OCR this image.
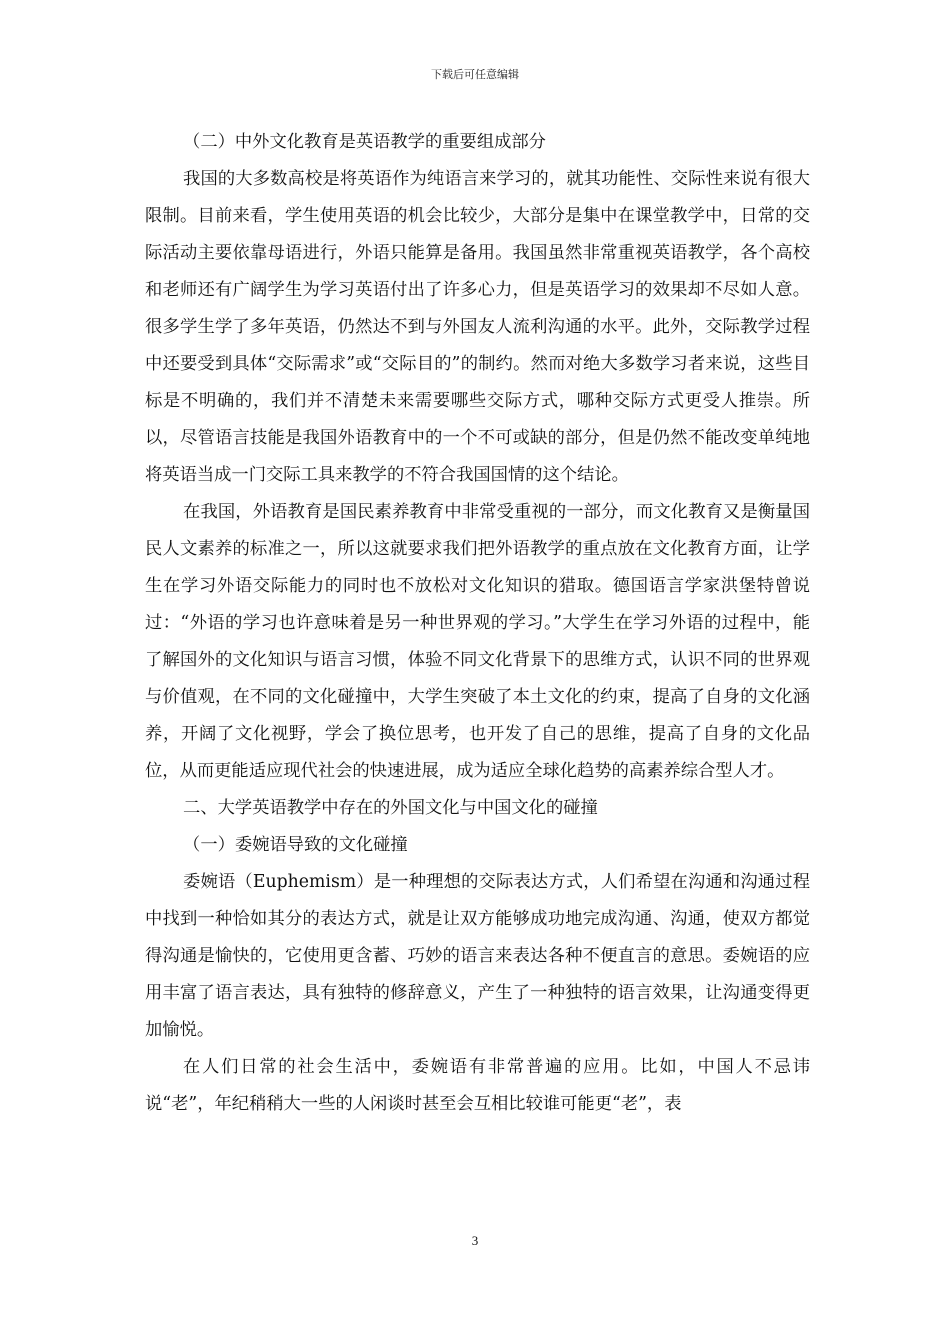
下载后可任意编辑

（二）中外文化教育是英语教学的重要组成部分

我国的大多数高校是将英语作为纯语言来学习的，就其功能性、交际性来说有很大限制。目前来看，学生使用英语的机会比较少，大部分是集中在课堂教学中，日常的交际活动主要依靠母语进行，外语只能算是备用。我国虽然非常重视英语教学，各个高校和老师还有广阔学生为学习英语付出了许多心力，但是英语学习的效果却不尽如人意。很多学生学了多年英语，仍然达不到与外国友人流利沟通的水平。此外，交际教学过程中还要受到具体“交际需求”或“交际目的”的制约。然而对绝大多数学习者来说，这些目标是不明确的，我们并不清楚未来需要哪些交际方式，哪种交际方式更受人推崇。所以，尽管语言技能是我国外语教育中的一个不可或缺的部分，但是仍然不能改变单纯地将英语当成一门交际工具来教学的不符合我国国情的这个结论。

在我国，外语教育是国民素养教育中非常受重视的一部分，而文化教育又是衡量国民人文素养的标准之一，所以这就要求我们把外语教学的重点放在文化教育方面，让学生在学习外语交际能力的同时也不放松对文化知识的猎取。德国语言学家洪堡特曾说过：“外语的学习也许意味着是另一种世界观的学习。”大学生在学习外语的过程中，能了解国外的文化知识与语言习惯，体验不同文化背景下的思维方式，认识不同的世界观与价值观，在不同的文化碰撞中，大学生突破了本土文化的约束，提高了自身的文化涵养，开阔了文化视野，学会了换位思考，也开发了自己的思维，提高了自身的文化品位，从而更能适应现代社会的快速进展，成为适应全球化趋势的高素养综合型人才。

二、大学英语教学中存在的外国文化与中国文化的碰撞

（一）委婉语导致的文化碰撞

委婉语（Euphemism）是一种理想的交际表达方式，人们希望在沟通和沟通过程中找到一种恰如其分的表达方式，就是让双方能够成功地完成沟通、沟通，使双方都觉得沟通是愉快的，它使用更含蓄、巧妙的语言来表达各种不便直言的意思。委婉语的应用丰富了语言表达，具有独特的修辞意义，产生了一种独特的语言效果，让沟通变得更加愉悦。

在人们日常的社会生活中，委婉语有非常普遍的应用。比如，中国人不忌讳说“老”，年纪稍稍大一些的人闲谈时甚至会互相比较谁可能更“老”，表

3
